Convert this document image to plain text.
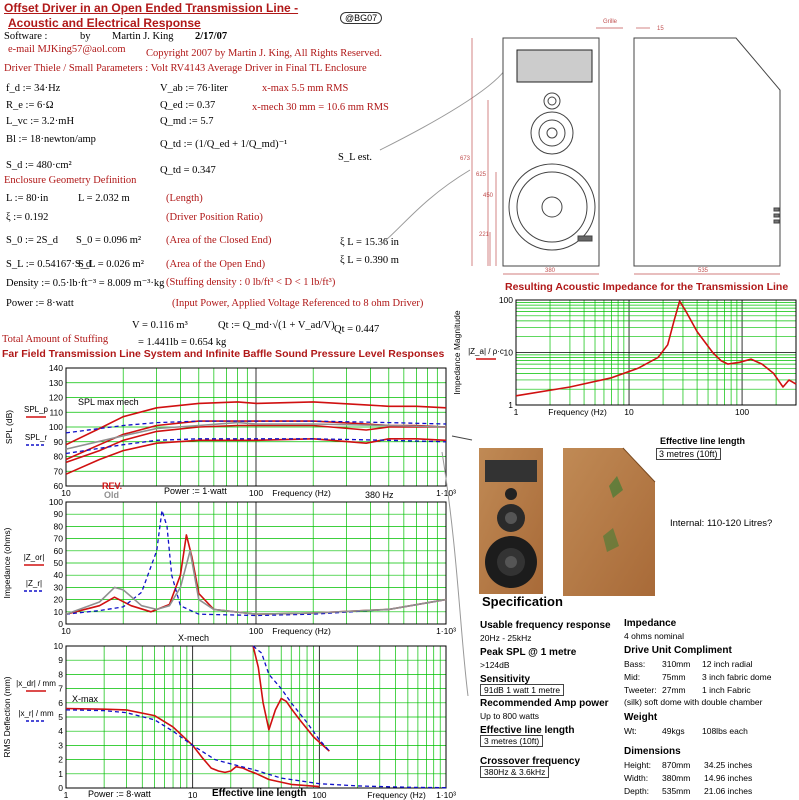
Offset Driver in an Open Ended Transmission Line -
Acoustic and Electrical Response	@BG07
Software :	by Martin J. King 2/17/07
e-mail MJKing57@aol.com Copyright 2007 by Martin J. King, All Rights Reserved.
Driver Thiele / Small Parameters : Volt RV4143 Average Driver in Final TL Enclosure
f_d := 34·Hz
R_e := 6·Ω
L_vc := 3.2·mH
Bl := 18·newton/amp
S_d := 480·cm²
V_ab := 76·liter
Q_ed := 0.37
Q_md := 5.7
Q_td := (1/Q_ed + 1/Q_md)⁻¹
Q_td = 0.347
x-max 5.5 mm RMS
x-mech 30 mm = 10.6 mm RMS
S_L est.
Enclosure Geometry Definition
L := 80·in	L = 2.032 m	(Length)
ξ := 0.192	(Driver Position Ratio)
S_0 := 2S_d S_0 = 0.096 m² (Area of the Closed End)	ξ L = 15.36 in
S_L := 0.54167·S_d
S_L = 0.026 m² (Area of the Open End)	ξ L = 0.390 m
Density := 0.5·lb·ft⁻³ = 8.009 m⁻³·kg (Stuffing density : 0 lb/ft³ < D < 1 lb/ft³)
Power := 8·watt	(Input Power, Applied Voltage Referenced to 8 ohm Driver)
V = 0.116 m³	Qt := Q_md·√(1 + V_ad/V) Qt = 0.447
Total Amount of Stuffing	= 1.441lb = 0.654 kg
Far Field Transmission Line System and Infinite Baffle Sound Pressure Level Responses
Grille
15
673
625
450
221
380	535
Resulting Acoustic Impedance for the Transmission Line
1
10
100
1	10	100
Frequency (Hz)
Impedance Magnitude |Z_a| / ρ·c
60
70
80
90
100
110
120
130
140
10	100	1·10³
Frequency (Hz)
SPL (dB)
SPL_p
SPL_r
0
10
20
30
40
50
60
70
80
90
100
10	100	1·10³
Frequency (Hz)
Impedance (ohms) |Z_or|
|Z_r|
0
1
2
3
4
5
6
7
8
9
10
1	10	100	1·10³
Frequency (Hz)
RMS Deflection (mm) |x_dr| / mm
|x_r| / mm
SPL max mech
Power := 1·watt
REV.
Old	380 Hz
X-mech
X-max
Power := 8·watt	Effective line length
Effective line length
3 metres (10ft)
Internal: 110-120 Litres?
Specification
Usable frequency response
20Hz - 25kHz
Peak SPL @ 1 metre
>124dB
Sensitivity
91dB 1 watt 1 metre
Recommended Amp power
Up to 800 watts
Effective line length
3 metres (10ft)
Crossover frequency
380Hz & 3.6kHz
Impedance
4 ohms nominal
Drive Unit Compliment
Bass:	310mm	12 inch radial
Mid:	75mm	3 inch fabric dome
Tweeter: 27mm	1 inch Fabric
(silk) soft dome with double chamber
Weight
Wt:	49kgs	108lbs each
Dimensions
Height:	870mm	34.25 inches
Width:	380mm	14.96 inches
Depth:	535mm	21.06 inches
